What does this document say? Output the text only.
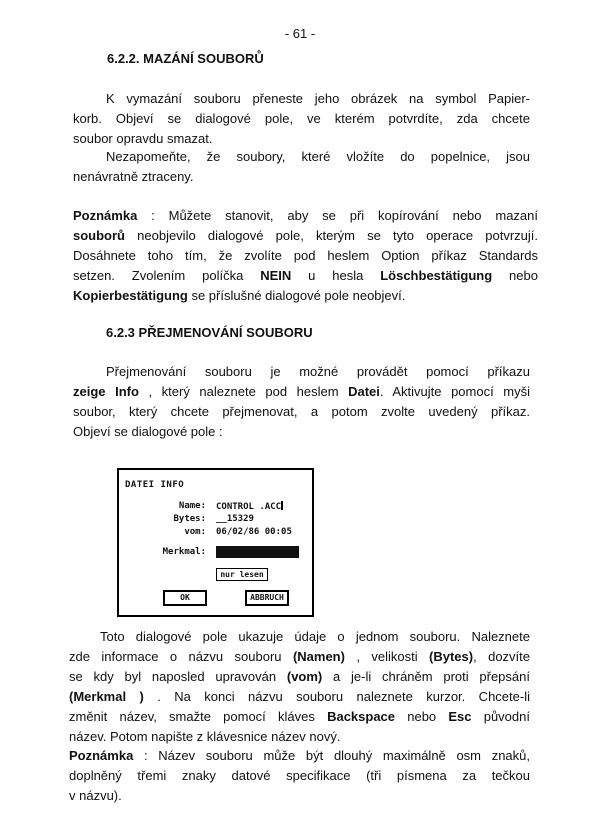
- 61 -
6.2.2. MAZÁNÍ SOUBORŮ
K vymazání souboru přeneste jeho obrázek na symbol Papier-
korb. Objeví se dialogové pole, ve kterém potvrdíte, zda chcete
soubor opravdu smazat.
Nezapomeňte, že soubory, které vložíte do popelnice, jsou
nenávratně ztraceny.
Poznámka : Můžete stanovit, aby se při kopírování nebo mazaní
souborů neobjevilo dialogové pole, kterým se tyto operace potvrzují.
Dosáhnete toho tím, že zvolíte pod heslem Option příkaz Standards
setzen. Zvolením políčka NEIN u hesla Löschbestätigung nebo
Kopierbestätigung se příslušné dialogové pole neobjeví.
6.2.3 PŘEJMENOVÁNÍ SOUBORU
Přejmenování souboru je možné provádět pomocí příkazu
zeige Info , který naleznete pod heslem Datei. Aktivujte pomocí myši
soubor, který chcete přejmenovat, a potom zvolte uvedený příkaz.
Objeví se dialogové pole :
DATEI INFO
Name: CONTROL .ACC
Bytes: __15329
vom: 06/02/86 00:05
Merkmal:
nur lesen
OK	ABBRUCH
Toto dialogové pole ukazuje údaje o jednom souboru. Naleznete
zde informace o názvu souboru (Namen) , velikosti (Bytes), dozvíte
se kdy byl naposled upravován (vom) a je-li chráněm proti přepsání
(Merkmal ) . Na konci názvu souboru naleznete kurzor. Chcete-li
změnit název, smažte pomocí kláves Backspace nebo Esc původní
název. Potom napište z klávesnice název nový.
Poznámka : Název souboru může být dlouhý maximálně osm znaků,
doplněný třemi znaky datové specifikace (tři písmena za tečkou
v názvu).
